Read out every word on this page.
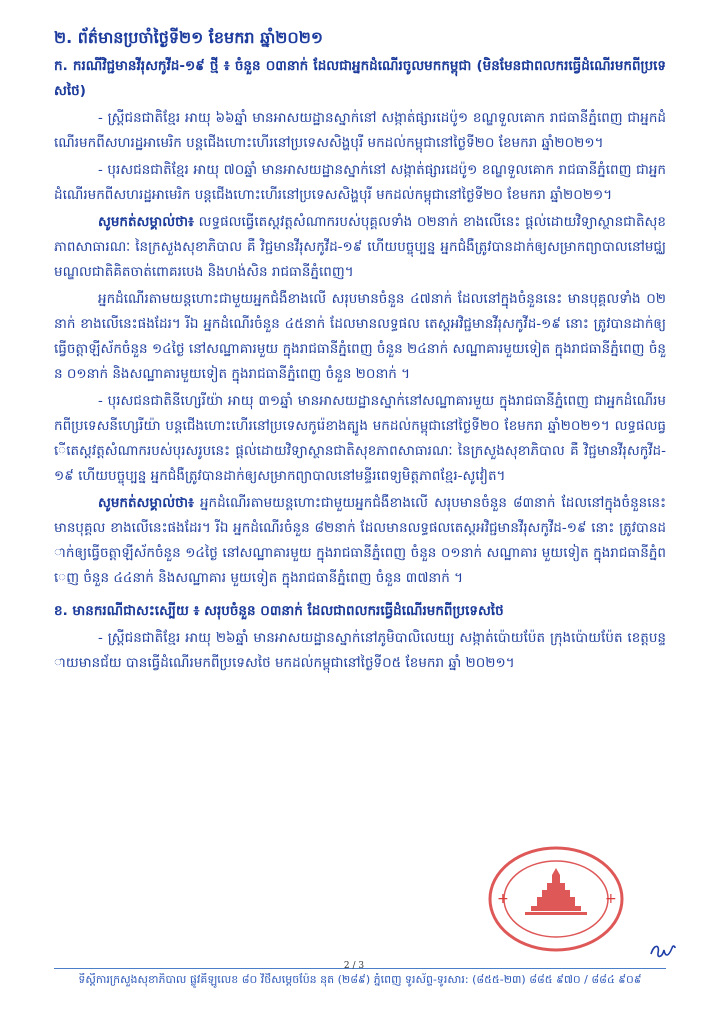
២. ព័ត៌មានប្រចាំថ្ងៃទី២១ ខែមករា ឆ្នាំ២០២១
ក. ករណីវិជ្ជមានវីរុសកូវីដ-១៩ ថ្មី ៖ ចំនួន ០៣នាក់ ដែលជាអ្នកដំណើរចូលមកកម្ពុជា (មិនមែនជាពលករធ្វើដំណើរមកពីប្រទេសថៃ)
- ស្ត្រីជនជាតិខ្មែរ អាយុ ៦៦ឆ្នាំ មានអាសយដ្ឋានស្នាក់នៅ សង្កាត់ផ្សារដេប៉ូ១ ខណ្ឌទួលគោក រាជធានីភ្នំពេញ ជាអ្នកដំណើរមកពីសហរដ្ឋអាមេរិក បន្តជើងហោះហើរនៅប្រទេសសិង្ហបុរី មកដល់កម្ពុជានៅថ្ងៃទី២០ ខែមករា ឆ្នាំ២០២១។
- បុរសជនជាតិខ្មែរ អាយុ ៧០ឆ្នាំ មានអាសយដ្ឋានស្នាក់នៅ សង្កាត់ផ្សារដេប៉ូ១ ខណ្ឌទួលគោក រាជធានីភ្នំពេញ ជាអ្នកដំណើរមកពីសហរដ្ឋអាមេរិក បន្តជើងហោះហើរនៅប្រទេសសិង្ហបុរី មកដល់កម្ពុជានៅថ្ងៃទី២០ ខែមករា ឆ្នាំ២០២១។
សូមកត់សម្គាល់ថា៖ លទ្ធផលធ្វើតេស្តវត្តសំណាករបស់បុគ្គលទាំង ០២នាក់ ខាងលើនេះ ផ្តល់ដោយវិទ្យាស្ថានជាតិសុខភាពសាធារណៈ នៃក្រសួងសុខាភិបាល គឺ វិជ្ជមានវីរុសកូវីដ-១៩ ហើយបច្ចុប្បន្ន អ្នកជំងឺត្រូវបានដាក់ឲ្យសម្រាកព្យាបាលនៅមជ្ឈមណ្ឌលជាតិគិតចាត់ពោគរបេង និងហង់សិន រាជធានីភ្នំពេញ។
អ្នកដំណើរតាមយន្តហោះជាមួយអ្នកជំងឺខាងលើ សរុបមានចំនួន ៤៧នាក់ ដែលនៅក្នុងចំនួននេះ មានបុគ្គលទាំង ០២នាក់ ខាងលើនេះផងដែរ។ រីឯ អ្នកដំណើរចំនួន ៤៥នាក់ ដែលមានលទ្ធផល តេស្តអវិជ្ជមានវីរុសកូវីដ-១៩ នោះ ត្រូវបានដាក់ឲ្យធ្វើចត្តាឡីស័កចំនួន ១៤ថ្ងៃ នៅសណ្ឋាគារមួយ ក្នុងរាជធានីភ្នំពេញ ចំនួន ២៤នាក់ សណ្ឋាគារមួយទៀត ក្នុងរាជធានីភ្នំពេញ ចំនួន ០១នាក់ និងសណ្ឋាគារមួយទៀត ក្នុងរាជធានីភ្នំពេញ ចំនួន ២០នាក់ ។
- បុរសជនជាតិនីហ្សេរីយ៉ា អាយុ ៣១ឆ្នាំ មានអាសយដ្ឋានស្នាក់នៅសណ្ឋាគារមួយ ក្នុងរាជធានីភ្នំពេញ ជាអ្នកដំណើរមកពីប្រទេសនីហ្សេរីយ៉ា បន្តជើងហោះហើរនៅប្រទេសកូរ៉េខាងត្បូង មកដល់កម្ពុជានៅថ្ងៃទី២០ ខែមករា ឆ្នាំ២០២១។ លទ្ធផលធ្វើតេស្តវត្តសំណាករបស់បុរសរូបនេះ ផ្តល់ដោយវិទ្យាស្ថានជាតិសុខភាពសាធារណៈ នៃក្រសួងសុខាភិបាល គឺ វិជ្ជមានវីរុសកូវីដ-១៩ ហើយបច្ចុប្បន្ន អ្នកជំងឺត្រូវបានដាក់ឲ្យសម្រាកព្យាបាលនៅមន្ទីរពេទ្យមិត្តភាពខ្មែរ-សូវៀត។
សូមកត់សម្គាល់ថា៖ អ្នកដំណើរតាមយន្តហោះជាមួយអ្នកជំងឺខាងលើ សរុបមានចំនួន ៨៣នាក់ ដែលនៅក្នុងចំនួននេះ មានបុគ្គល ខាងលើនេះផងដែរ។ រីឯ អ្នកដំណើរចំនួន ៨២នាក់ ដែលមានលទ្ធផលតេស្តអវិជ្ជមានវីរុសកូវីដ-១៩ នោះ ត្រូវបានដាក់ឲ្យធ្វើចត្តាឡីស័កចំនួន ១៤ថ្ងៃ នៅសណ្ឋាគារមួយ ក្នុងរាជធានីភ្នំពេញ ចំនួន ០១នាក់ សណ្ឋាគារ មួយទៀត ក្នុងរាជធានីភ្នំពេញ ចំនួន ៤៤នាក់ និងសណ្ឋាគារ មួយទៀត ក្នុងរាជធានីភ្នំពេញ ចំនួន ៣៧នាក់ ។
ខ. មានករណីជាសះស្បើយ ៖ សរុបចំនួន ០៣នាក់ ដែលជាពលករធ្វើដំណើរមកពីប្រទេសថៃ
- ស្ត្រីជនជាតិខ្មែរ អាយុ ២៦ឆ្នាំ មានអាសយដ្ឋានស្នាក់នៅភូមិបាលិលេយ្យ សង្កាត់ប៉ោយប៉ែត ក្រុងប៉ោយប៉ែត ខេត្តបន្ទាយមានជ័យ បានធ្វើដំណើរមកពីប្រទេសថៃ មកដល់កម្ពុជានៅថ្ងៃទី០៥ ខែមករា ឆ្នាំ ២០២១។
+	+
2 / 3
ទីស្តីការក្រសួងសុខាភិបាល ផ្លូវគីឡូលេខ ៨០ វិថីសម្តេចប៉ែន នុត (២៨៩) ភ្នំពេញ ទូរស័ព្ទ-ទូរសារ: (៨៥៥-២៣) ៨៨៥ ៩៧០ / ៨៨៤ ៩០៩
